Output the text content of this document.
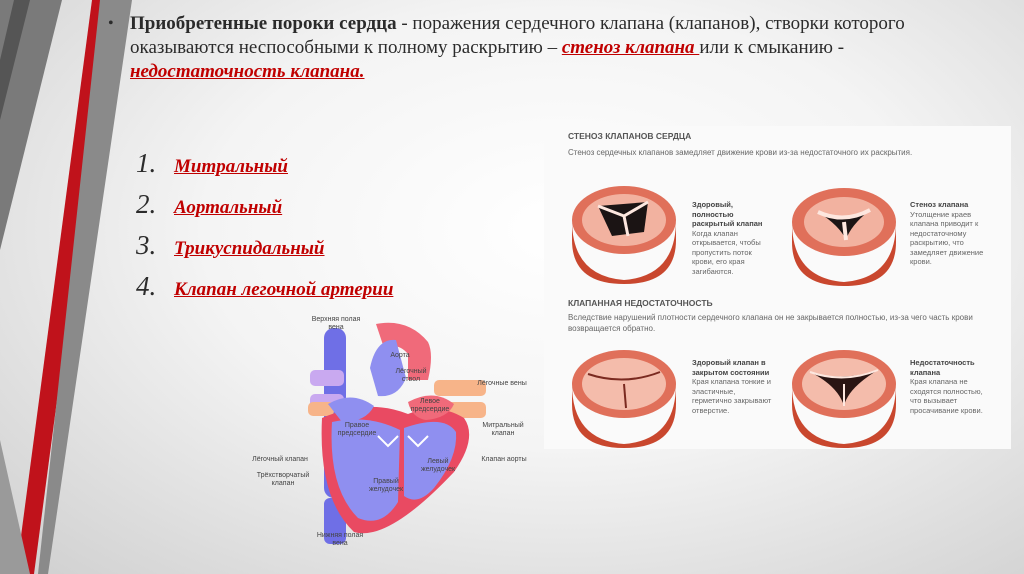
• Приобретенные пороки сердца - поражения сердечного клапана (клапанов), створки которого оказываются неспособными к полному раскрытию – стеноз клапана или к смыканию - недостаточность клапана.
1. Митральный
2. Аортальный
3. Трикуспидальный
4. Клапан легочной артерии
СТЕНОЗ КЛАПАНОВ СЕРДЦА
Стеноз сердечных клапанов замедляет движение крови из-за недостаточного их раскрытия.
Здоровый, полностью раскрытый клапан
Когда клапан открывается, чтобы пропустить поток крови, его края загибаются.
Стеноз клапана
Утолщение краев клапана приводит к недостаточному раскрытию, что замедляет движение крови.
КЛАПАННАЯ НЕДОСТАТОЧНОСТЬ
Вследствие нарушений плотности сердечного клапана он не закрывается полностью, из-за чего часть крови возвращается обратно.
Здоровый клапан в закрытом состоянии
Края клапана тонкие и эластичные, герметично закрывают отверстие.
Недостаточность клапана
Края клапана не сходятся полностью, что вызывает просачивание крови.
Верхняя полая вена
Аорта
Лёгочный ствол
Лёгочные вены
Левое предсердие
Правое предсердие
Митральный клапан
Клапан аорты
Лёгочный клапан
Трёхстворчатый клапан
Левый желудочек
Правый желудочек
Нижняя полая вена
